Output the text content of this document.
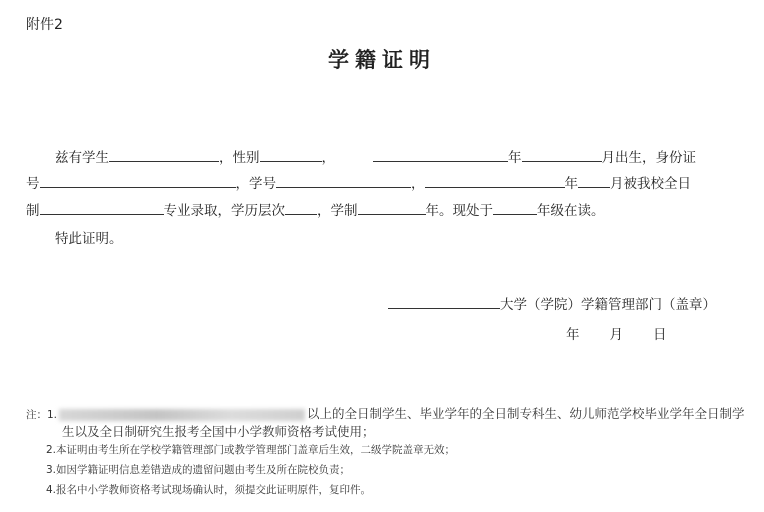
附件2
学籍证明
兹有学生	，性别	，	年	月出生，身份证
号	，学号	，	年 月被我校全日
制	专业录取，学历层次 ，学制	年。现处于	年级在读。
特此证明。
大学（学院）学籍管理部门（盖章）
年 月 日
注：1.	以上的全日制学生、毕业学年的全日制专科生、幼儿师范学校毕业学年全日制学
生以及全日制研究生报考全国中小学教师资格考试使用；
2.本证明由考生所在学校学籍管理部门或教学管理部门盖章后生效，二级学院盖章无效；
3.如因学籍证明信息差错造成的遗留问题由考生及所在院校负责；
4.报名中小学教师资格考试现场确认时，须提交此证明原件，复印件。
